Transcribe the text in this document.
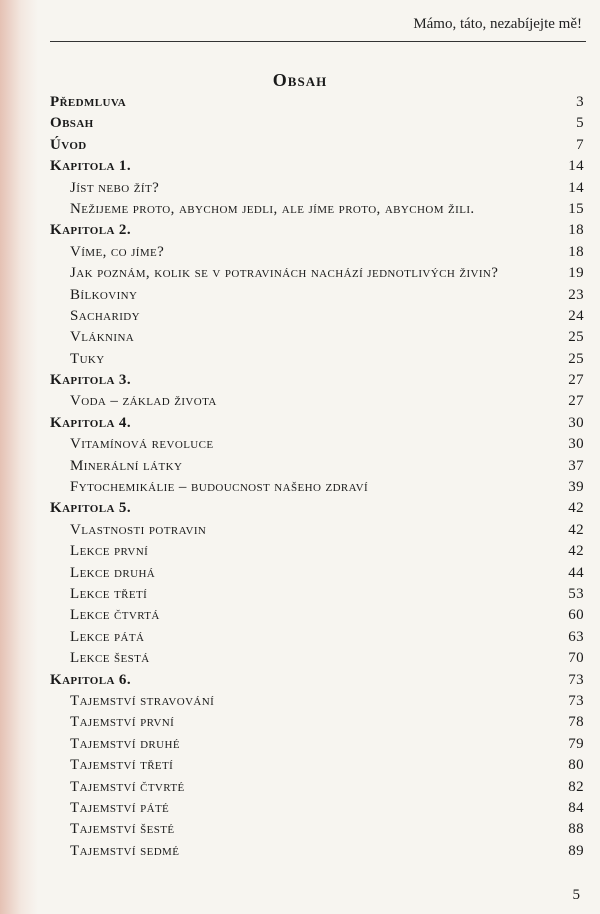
Mámo, táto, nezabíjejte mě!
Obsah
Předmluva	3
Obsah	5
Úvod	7
Kapitola 1.	14
Jíst nebo žít?	14
Nežijeme proto, abychom jedli, ale jíme proto, abychom žili.	15
Kapitola 2.	18
Víme, co jíme?	18
Jak poznám, kolik se v potravinách nachází jednotlivých živin?	19
Bílkoviny	23
Sacharidy	24
Vláknina	25
Tuky	25
Kapitola 3.	27
Voda – základ života	27
Kapitola 4.	30
Vitamínová revoluce	30
Minerální látky	37
Fytochemikálie – budoucnost našeho zdraví	39
Kapitola 5.	42
Vlastnosti potravin	42
Lekce první	42
Lekce druhá	44
Lekce třetí	53
Lekce čtvrtá	60
Lekce pátá	63
Lekce šestá	70
Kapitola 6.	73
Tajemství stravování	73
Tajemství první	78
Tajemství druhé	79
Tajemství třetí	80
Tajemství čtvrté	82
Tajemství páté	84
Tajemství šesté	88
Tajemství sedmé	89
5
